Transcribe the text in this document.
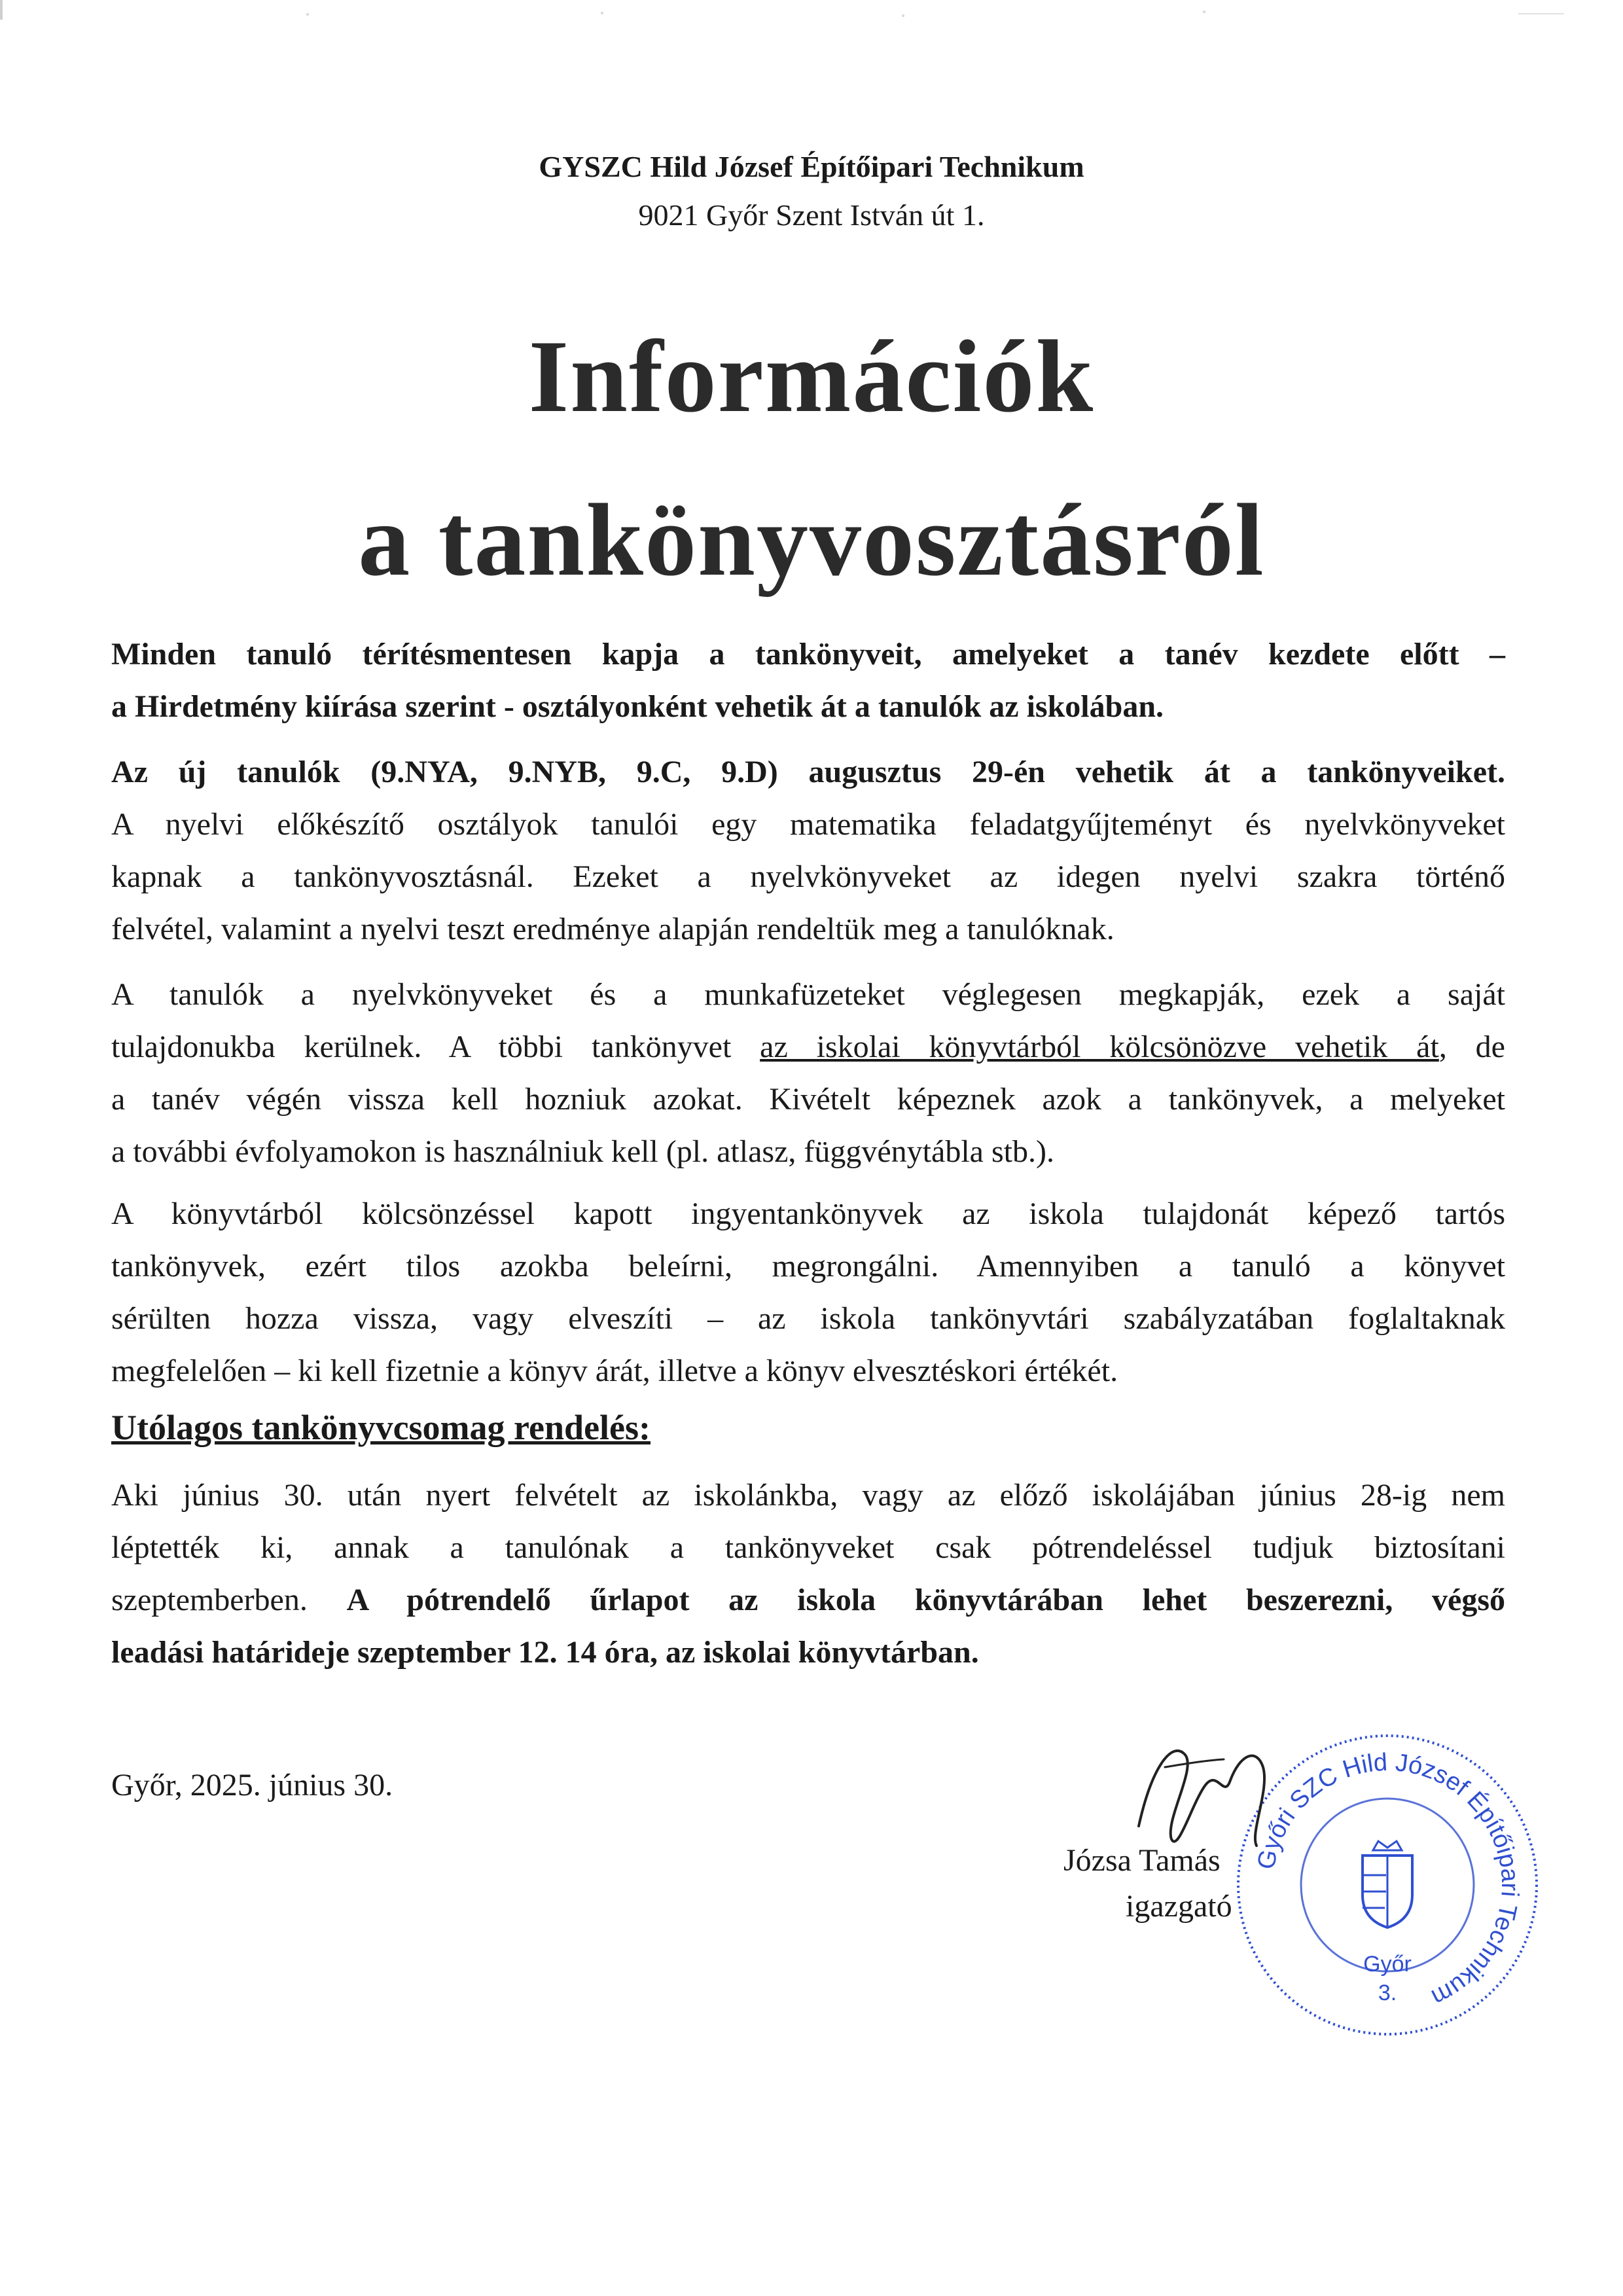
GYSZC Hild József Építőipari Technikum
9021 Győr Szent István út 1.
Információk
a tankönyvosztásról
Minden tanuló térítésmentesen kapja a tankönyveit, amelyeket a tanév kezdete előtt –
a Hirdetmény kiírása szerint - osztályonként vehetik át a tanulók az iskolában.
Az új tanulók (9.NYA, 9.NYB, 9.C, 9.D) augusztus 29-én vehetik át a tankönyveiket.
A nyelvi előkészítő osztályok tanulói egy matematika feladatgyűjteményt és nyelvkönyveket
kapnak a tankönyvosztásnál. Ezeket a nyelvkönyveket az idegen nyelvi szakra történő
felvétel, valamint a nyelvi teszt eredménye alapján rendeltük meg a tanulóknak.
A tanulók a nyelvkönyveket és a munkafüzeteket véglegesen megkapják, ezek a saját
tulajdonukba kerülnek. A többi tankönyvet az iskolai könyvtárból kölcsönözve vehetik át, de
a tanév végén vissza kell hozniuk azokat. Kivételt képeznek azok a tankönyvek, a melyeket
a további évfolyamokon is használniuk kell (pl. atlasz, függvénytábla stb.).
A könyvtárból kölcsönzéssel kapott ingyentankönyvek az iskola tulajdonát képező tartós
tankönyvek, ezért tilos azokba beleírni, megrongálni. Amennyiben a tanuló a könyvet
sérülten hozza vissza, vagy elveszíti – az iskola tankönyvtári szabályzatában foglaltaknak
megfelelően – ki kell fizetnie a könyv árát, illetve a könyv elvesztéskori értékét.
Utólagos tankönyvcsomag rendelés:
Aki június 30. után nyert felvételt az iskolánkba, vagy az előző iskolájában június 28-ig nem
léptették ki, annak a tanulónak a tankönyveket csak pótrendeléssel tudjuk biztosítani
szeptemberben. A pótrendelő űrlapot az iskola könyvtárában lehet beszerezni, végső
leadási határideje szeptember 12. 14 óra, az iskolai könyvtárban.
Győr, 2025. június 30.
Győri SZC Hild József Építőipari Technikum
Győr
3.
Józsa Tamás
igazgató
